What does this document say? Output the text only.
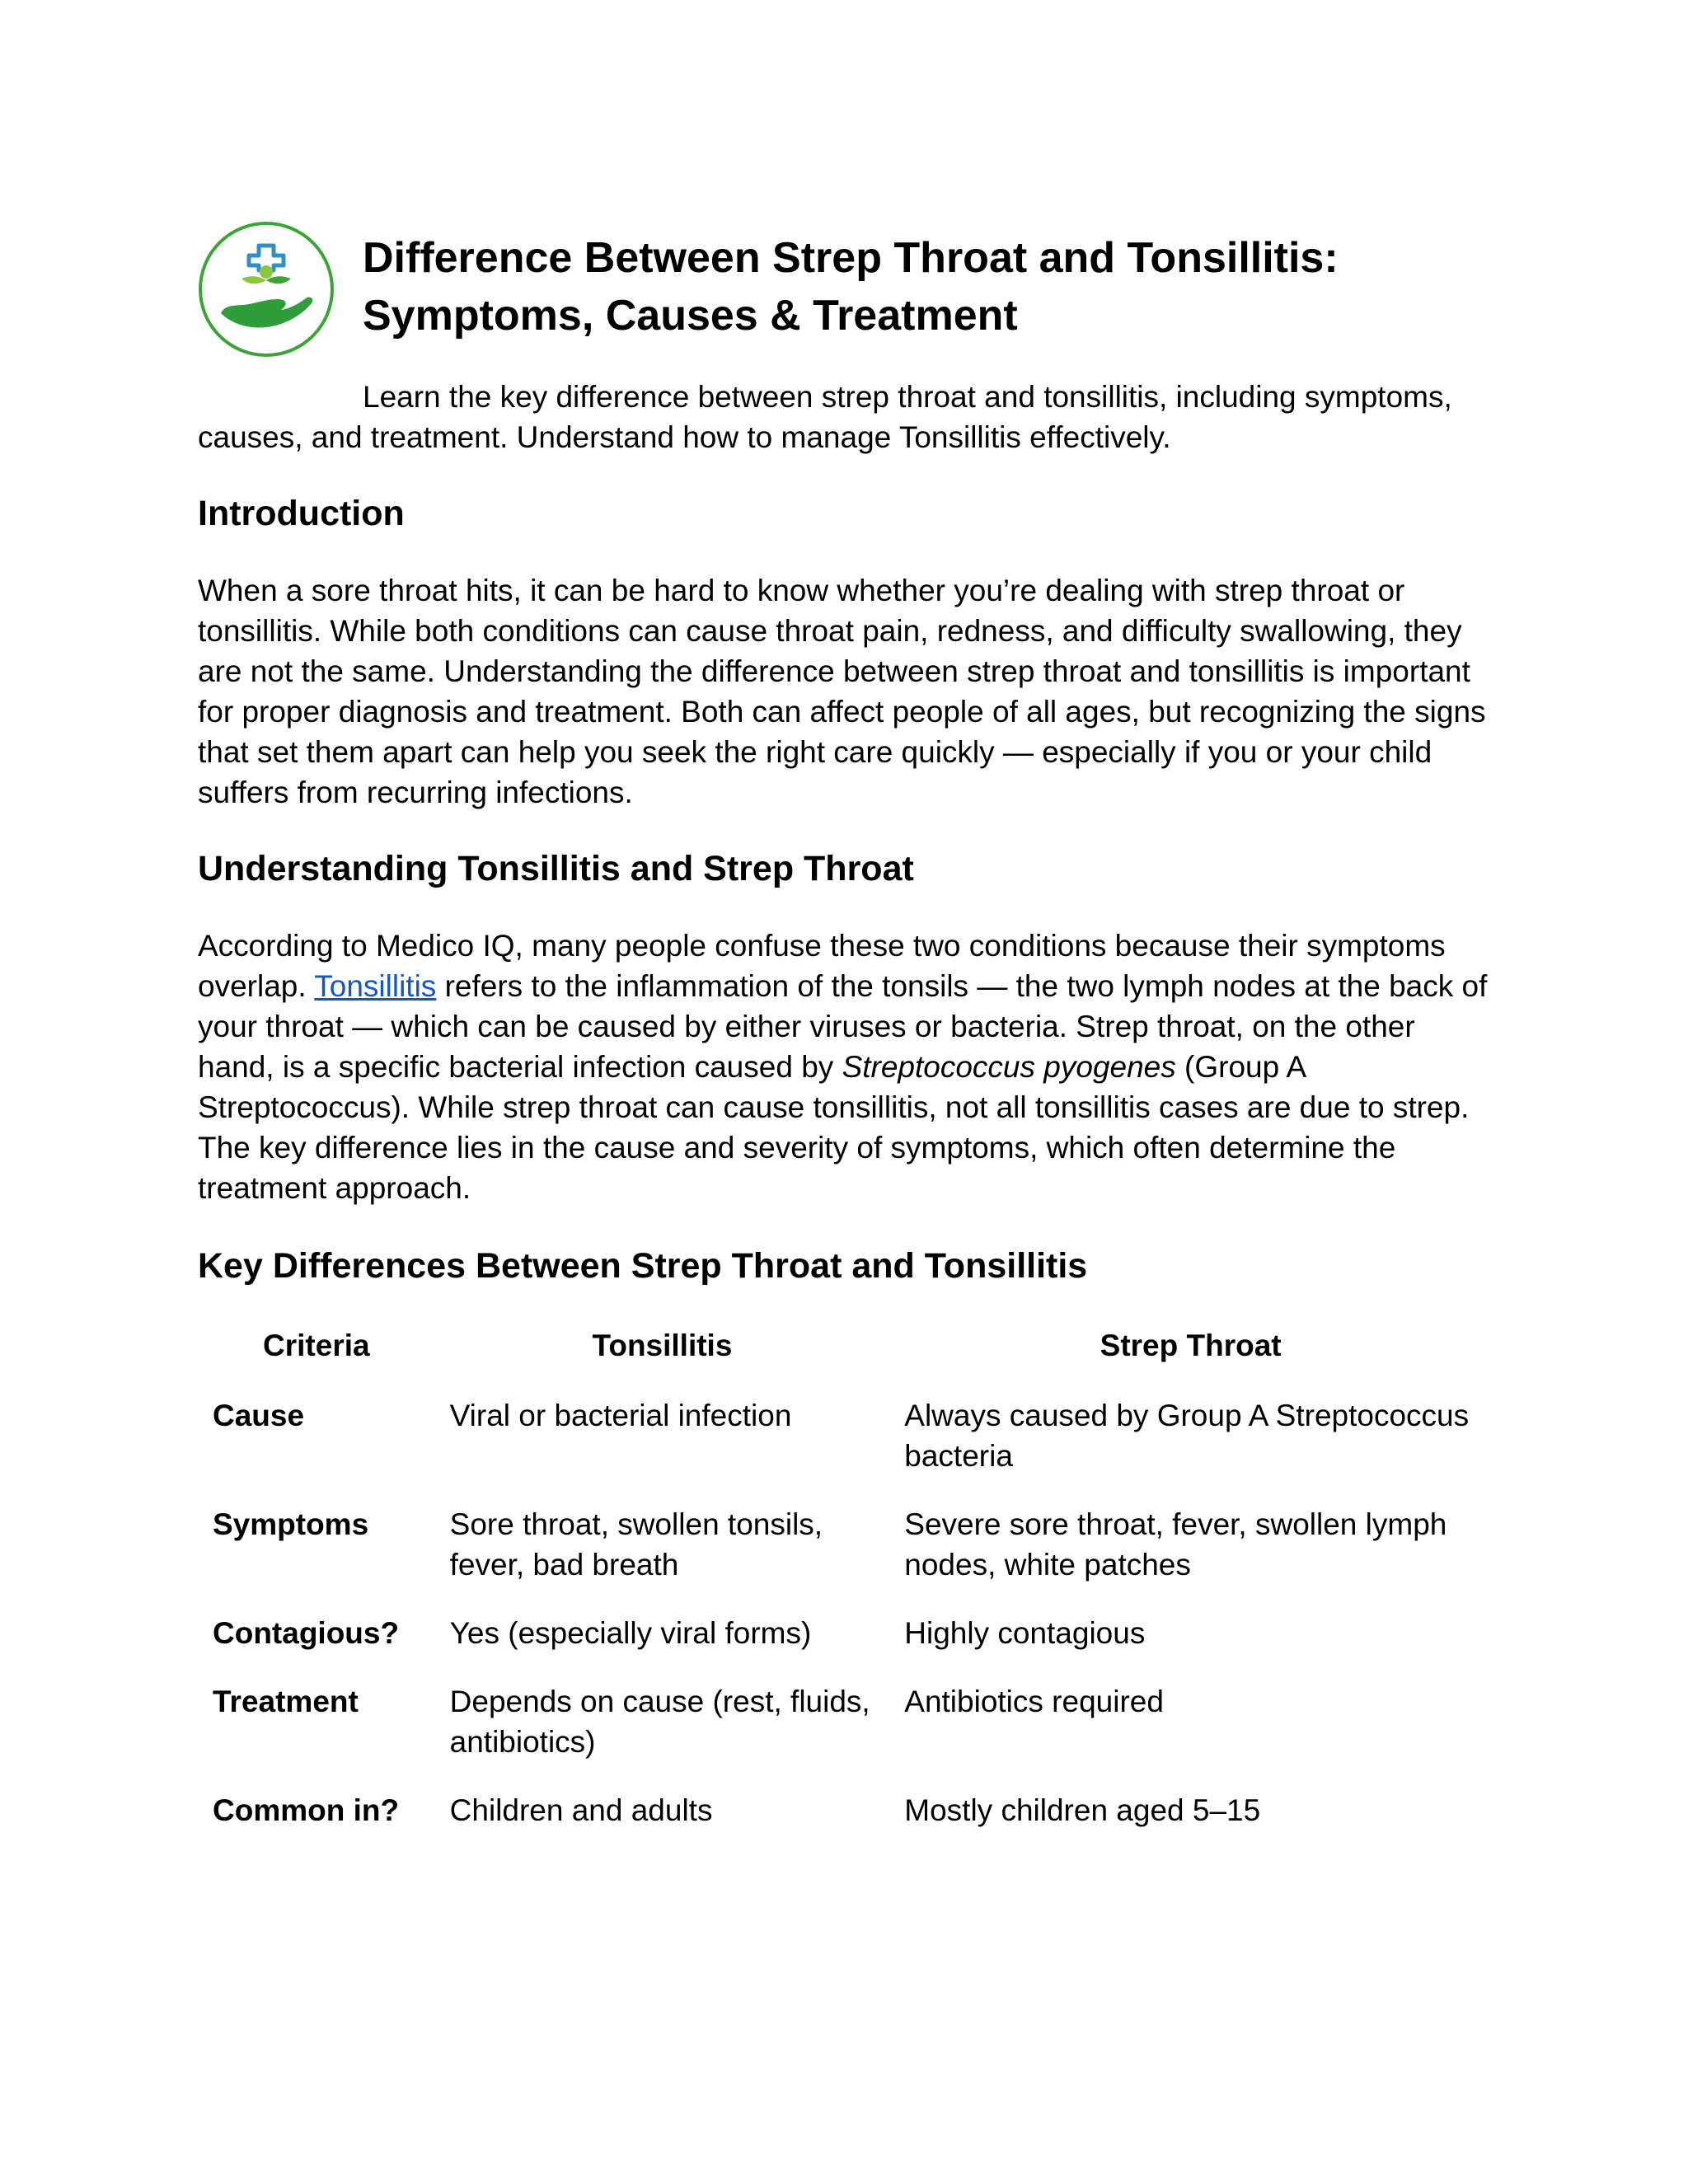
Difference Between Strep Throat and Tonsillitis:
Symptoms, Causes & Treatment

Learn the key difference between strep throat and tonsillitis, including symptoms, causes, and treatment. Understand how to manage Tonsillitis effectively.

Introduction

When a sore throat hits, it can be hard to know whether you’re dealing with strep throat or tonsillitis. While both conditions can cause throat pain, redness, and difficulty swallowing, they are not the same. Understanding the difference between strep throat and tonsillitis is important for proper diagnosis and treatment. Both can affect people of all ages, but recognizing the signs that set them apart can help you seek the right care quickly — especially if you or your child suffers from recurring infections.

Understanding Tonsillitis and Strep Throat

According to Medico IQ, many people confuse these two conditions because their symptoms overlap. Tonsillitis refers to the inflammation of the tonsils — the two lymph nodes at the back of your throat — which can be caused by either viruses or bacteria. Strep throat, on the other hand, is a specific bacterial infection caused by Streptococcus pyogenes (Group A Streptococcus). While strep throat can cause tonsillitis, not all tonsillitis cases are due to strep. The key difference lies in the cause and severity of symptoms, which often determine the treatment approach.

Key Differences Between Strep Throat and Tonsillitis
Criteria	Tonsillitis	Strep Throat
Cause	Viral or bacterial infection	Always caused by Group A Streptococcus bacteria
Symptoms	Sore throat, swollen tonsils, fever, bad breath	Severe sore throat, fever, swollen lymph nodes, white patches
Contagious?	Yes (especially viral forms)	Highly contagious
Treatment	Depends on cause (rest, fluids, antibiotics)	Antibiotics required
Common in?	Children and adults	Mostly children aged 5–15
